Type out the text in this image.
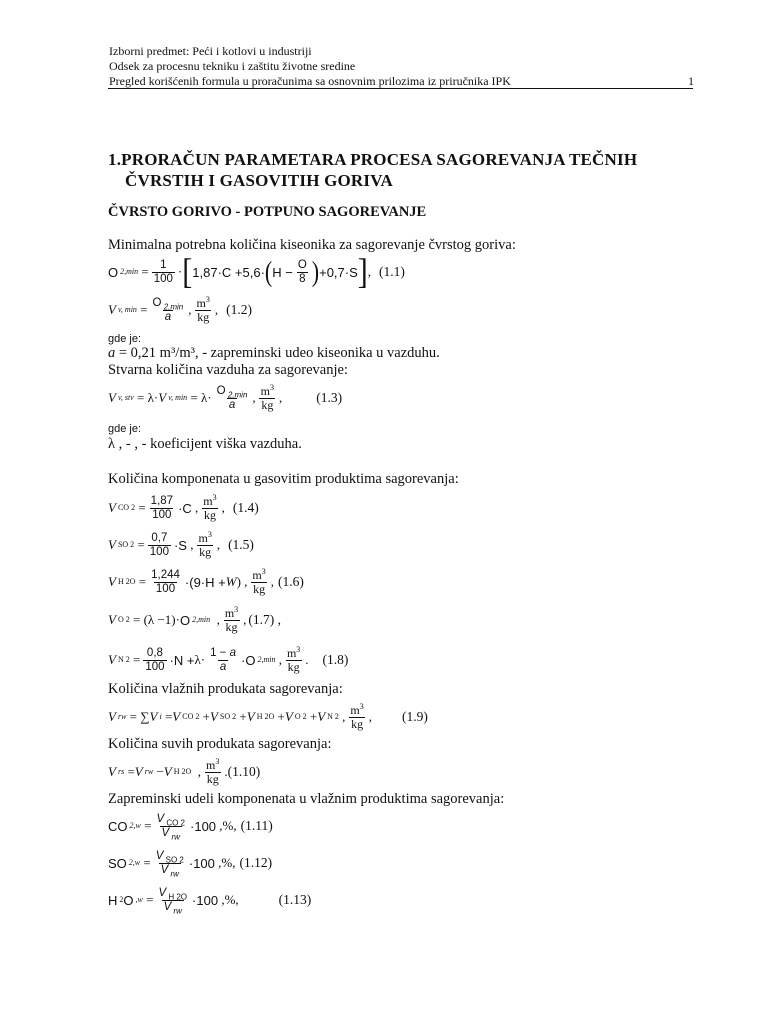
Izborni predmet: Peći i kotlovi u industriji
Odsek za procesnu tekniku i zaštitu životne sredine
Pregled korišćenih formula u proračunima sa osnovnim prilozima iz priručnika IPK	1
1.PRORAČUN PARAMETARA PROCESA SAGOREVANJA TEČNIH
ČVRSTIH I GASOVITIH GORIVA
ČVRSTO GORIVO - POTPUNO SAGOREVANJE
Minimalna potrebna količina kiseonika za sagorevanje čvrstog goriva:
O $2,\min = \frac{1}{100}$ · [ 1,87 ·C + 5,6 · ( $H - \frac{O}{8}$ ) + 0,7 ·S ] , (1.1)
V v, $\min = \frac{O _{2,min}}{a}$ , $\frac{m^3}{kg}$ , (1.2)
gde je:
a = 0,21 m³/m³, - zapreminski udeo kiseonika u vazduhu.
Stvarna količina vazduha za sagorevanje:
V v, stv = λ· V v, $\min = \lambda\cdot \frac{O _{2,min}}{a}$ , $\frac{m^3}{kg}$ ,	(1.3)
gde je:
λ , - , - koeficijent viška vazduha.
Količina komponenata u gasovitim produktima sagorevanja:
V CO $2 = \frac{1,87}{100} \cdot C$ , $\frac{m^3}{kg}$ , (1.4)
V SO $2 = \frac{0,7}{100} \cdot S$ , $\frac{m^3}{kg}$ , (1.5)
V H $2O = \frac{1,244}{100}$ ·( 9 ·H + W ) , $\frac{m^3}{kg}$ , (1.6)
V O 2 = (λ −1)· O 2,min , $\frac{m^3}{kg}$ , (1.7) ,
V N $2 = \frac{0,8}{100} \cdot N + \lambda\cdot \frac{1 - a}{a} \cdot O$ 2,min , $\frac{m^3}{kg}$ . (1.8)
Količina vlažnih produkata sagorevanja:
V rw = ∑ V i = V CO 2 + V SO 2 + V H 2O + V O 2 + V N 2 , $\frac{m^3}{kg}$ , (1.9)
Količina suvih produkata sagorevanja:
V rs = V rw − V H 2O , $\frac{m^3}{kg}$ . (1.10)
Zapreminski udeli komponenata u vlažnim produktima sagorevanja:
CO $2,w = \frac{V _{CO 2}}{V _{rw}} \cdot 100$
,%, (1.11)
SO $2,w = \frac{V _{SO 2}}{V _{rw}} \cdot 100$
,%, (1.12)
H 2 O $,w = \frac{V _{H 2O}}{V _{rw}} \cdot 100$
,%,	(1.13)
